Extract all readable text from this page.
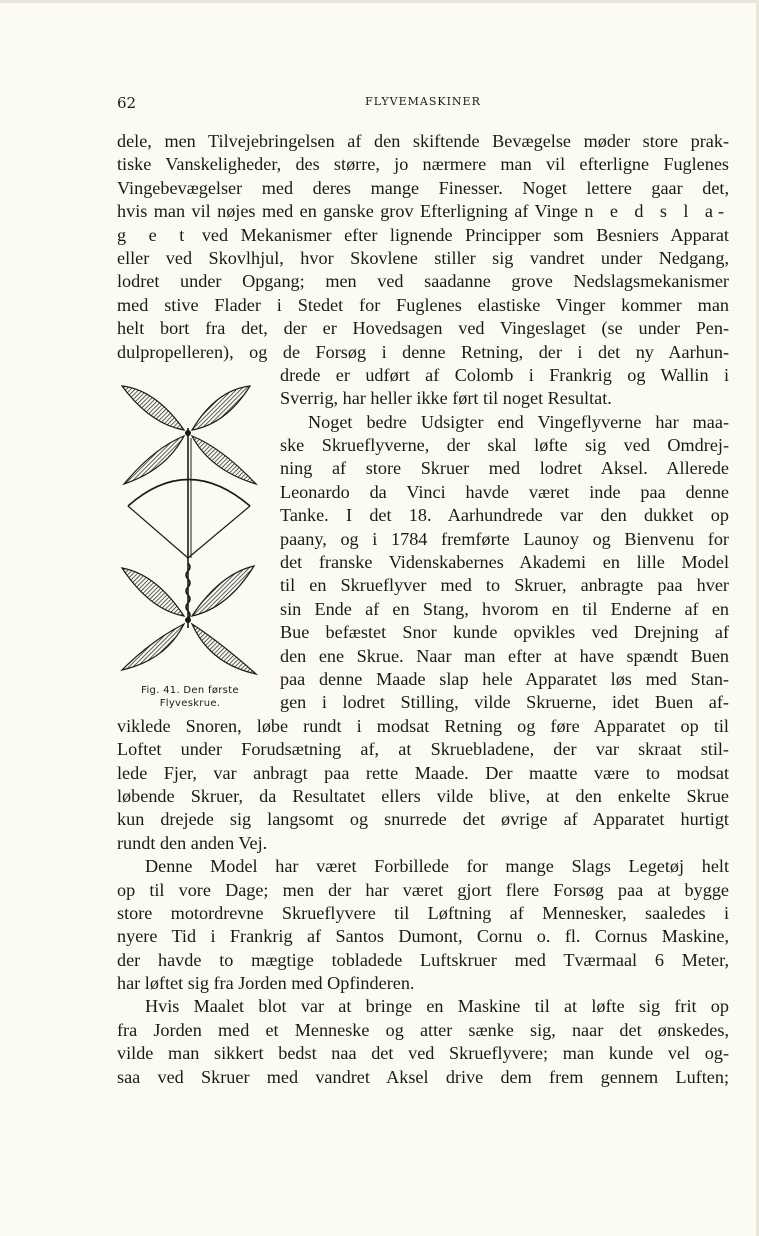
62	FLYVEMASKINER
Fig. 41. Den første
Flyveskrue.
dele, men Tilvejebringelsen af den skiftende Bevægelse møder store prak-
tiske Vanskeligheder, des større, jo nærmere man vil efterligne Fuglenes
Vingebevægelser med deres mange Finesser. Noget lettere gaar det,
hvis man vil nøjes med en ganske grov Efterligning af Vinge n e d s l a-
g e t ved Mekanismer efter lignende Principper som Besniers Apparat
eller ved Skovlhjul, hvor Skovlene stiller sig vandret under Nedgang,
lodret under Opgang; men ved saadanne grove Nedslagsmekanismer
med stive Flader i Stedet for Fuglenes elastiske Vinger kommer man
helt bort fra det, der er Hovedsagen ved Vingeslaget (se under Pen-
dulpropelleren), og de Forsøg i denne Retning, der i det ny Aarhun-
drede er udført af Colomb i Frankrig og Wallin i
Sverrig, har heller ikke ført til noget Resultat.
Noget bedre Udsigter end Vingeflyverne har maa-
ske Skrueflyverne, der skal løfte sig ved Omdrej-
ning af store Skruer med lodret Aksel. Allerede
Leonardo da Vinci havde været inde paa denne
Tanke. I det 18. Aarhundrede var den dukket op
paany, og i 1784 fremførte Launoy og Bienvenu for
det franske Videnskabernes Akademi en lille Model
til en Skrueflyver med to Skruer, anbragte paa hver
sin Ende af en Stang, hvorom en til Enderne af en
Bue befæstet Snor kunde opvikles ved Drejning af
den ene Skrue. Naar man efter at have spændt Buen
paa denne Maade slap hele Apparatet løs med Stan-
gen i lodret Stilling, vilde Skruerne, idet Buen af-
viklede Snoren, løbe rundt i modsat Retning og føre Apparatet op til
Loftet under Forudsætning af, at Skruebladene, der var skraat stil-
lede Fjer, var anbragt paa rette Maade. Der maatte være to modsat
løbende Skruer, da Resultatet ellers vilde blive, at den enkelte Skrue
kun drejede sig langsomt og snurrede det øvrige af Apparatet hurtigt
rundt den anden Vej.
Denne Model har været Forbillede for mange Slags Legetøj helt
op til vore Dage; men der har været gjort flere Forsøg paa at bygge
store motordrevne Skrueflyvere til Løftning af Mennesker, saaledes i
nyere Tid i Frankrig af Santos Dumont, Cornu o. fl. Cornus Maskine,
der havde to mægtige tobladede Luftskruer med Tværmaal 6 Meter,
har løftet sig fra Jorden med Opfinderen.
Hvis Maalet blot var at bringe en Maskine til at løfte sig frit op
fra Jorden med et Menneske og atter sænke sig, naar det ønskedes,
vilde man sikkert bedst naa det ved Skrueflyvere; man kunde vel og-
saa ved Skruer med vandret Aksel drive dem frem gennem Luften;
